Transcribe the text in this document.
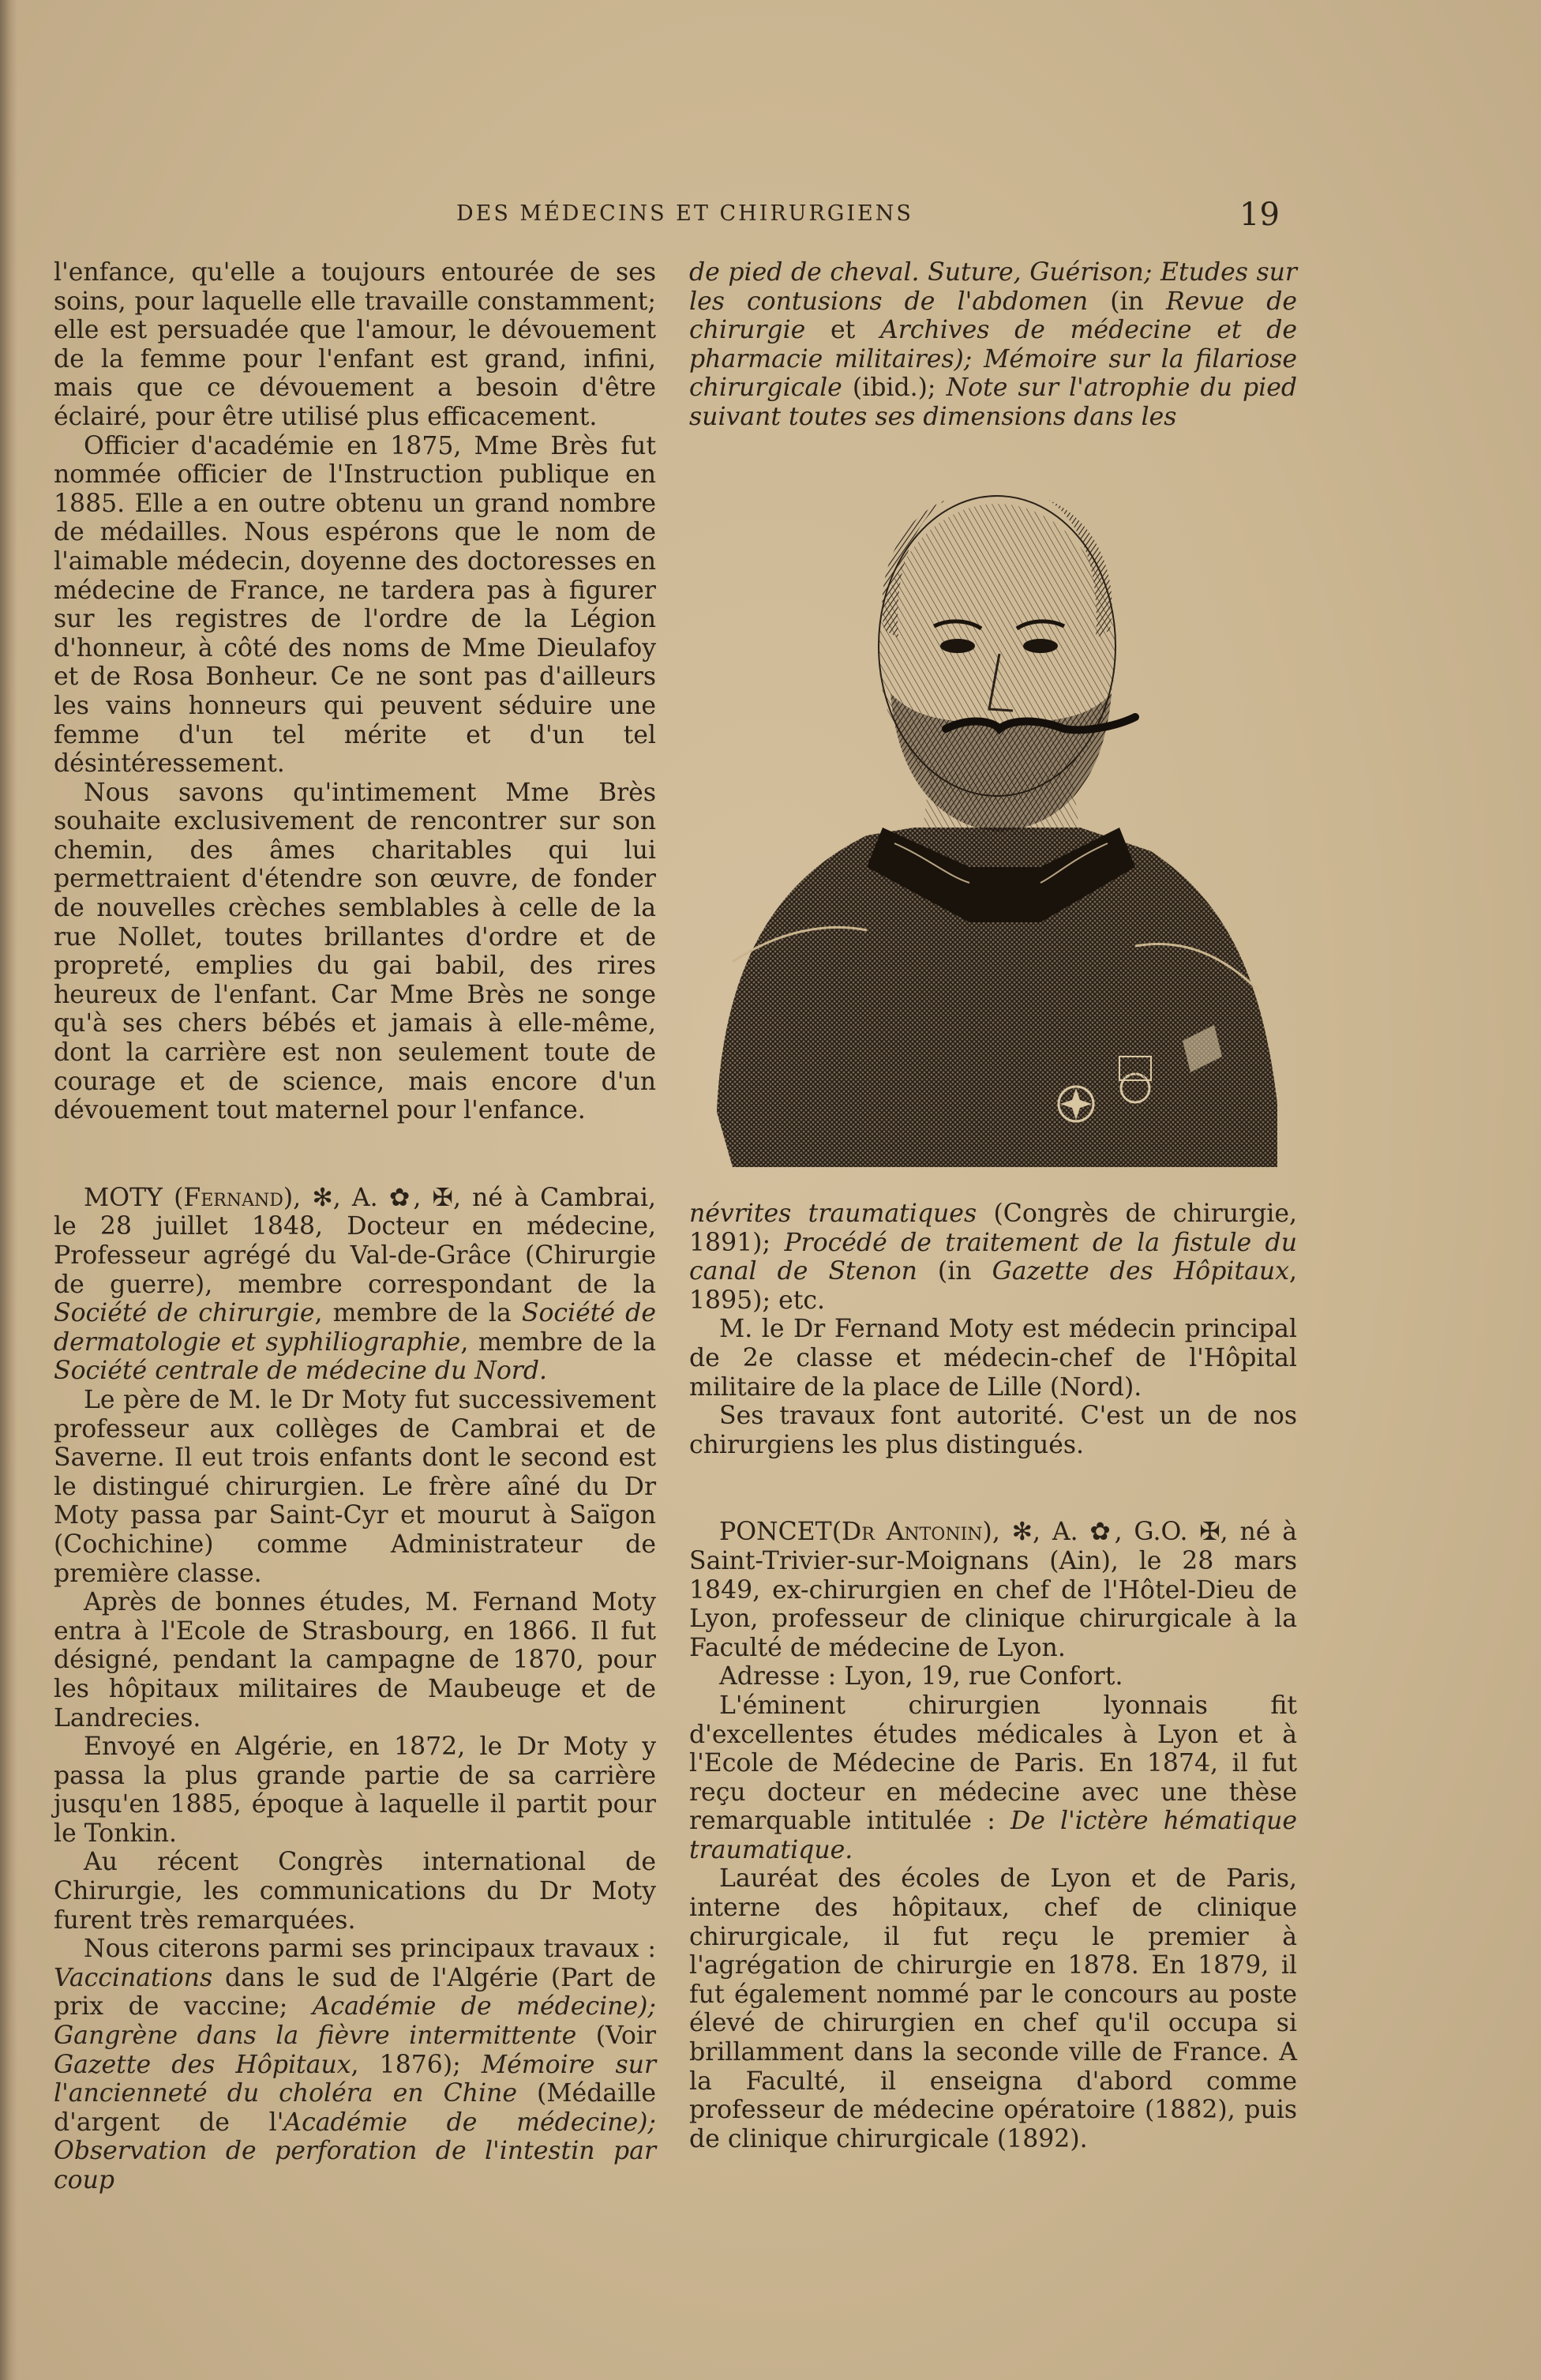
DES MÉDECINS ET CHIRURGIENS	19

l'enfance, qu'elle a toujours entourée de ses soins, pour laquelle elle travaille constamment; elle est persuadée que l'amour, le dévouement de la femme pour l'enfant est grand, infini, mais que ce dévouement a besoin d'être éclairé, pour être utilisé plus efficacement.

Officier d'académie en 1875, Mme Brès fut nommée officier de l'Instruction publique en 1885. Elle a en outre obtenu un grand nombre de médailles. Nous espérons que le nom de l'aimable médecin, doyenne des doctoresses en médecine de France, ne tardera pas à figurer sur les registres de l'ordre de la Légion d'honneur, à côté des noms de Mme Dieulafoy et de Rosa Bonheur. Ce ne sont pas d'ailleurs les vains honneurs qui peuvent séduire une femme d'un tel mérite et d'un tel désintéressement.

Nous savons qu'intimement Mme Brès souhaite exclusivement de rencontrer sur son chemin, des âmes charitables qui lui permettraient d'étendre son œuvre, de fonder de nouvelles crèches semblables à celle de la rue Nollet, toutes brillantes d'ordre et de propreté, emplies du gai babil, des rires heureux de l'enfant. Car Mme Brès ne songe qu'à ses chers bébés et jamais à elle-même, dont la carrière est non seulement toute de courage et de science, mais encore d'un dévouement tout maternel pour l'enfance.

MOTY (Fernand), ✻, A. ✿, ✠, né à Cambrai, le 28 juillet 1848, Docteur en médecine, Professeur agrégé du Val-de-Grâce (Chirurgie de guerre), membre correspondant de la Société de chirurgie, membre de la Société de dermatologie et syphiliographie, membre de la Société centrale de médecine du Nord.

Le père de M. le Dr Moty fut successivement professeur aux collèges de Cambrai et de Saverne. Il eut trois enfants dont le second est le distingué chirurgien. Le frère aîné du Dr Moty passa par Saint-Cyr et mourut à Saïgon (Cochichine) comme Administrateur de première classe.

Après de bonnes études, M. Fernand Moty entra à l'Ecole de Strasbourg, en 1866. Il fut désigné, pendant la campagne de 1870, pour les hôpitaux militaires de Maubeuge et de Landrecies.

Envoyé en Algérie, en 1872, le Dr Moty y passa la plus grande partie de sa carrière jusqu'en 1885, époque à laquelle il partit pour le Tonkin.

Au récent Congrès international de Chirurgie, les communications du Dr Moty furent très remarquées.

Nous citerons parmi ses principaux travaux : Vaccinations dans le sud de l'Algérie (Part de prix de vaccine; Académie de médecine); Gangrène dans la fièvre intermittente (Voir Gazette des Hôpitaux, 1876); Mémoire sur l'ancienneté du choléra en Chine (Médaille d'argent de l'Académie de médecine); Observation de perforation de l'intestin par coup

de pied de cheval. Suture, Guérison; Etudes sur les contusions de l'abdomen (in Revue de chirurgie et Archives de médecine et de pharmacie militaires); Mémoire sur la filariose chirurgicale (ibid.); Note sur l'atrophie du pied suivant toutes ses dimensions dans les

névrites traumatiques (Congrès de chirurgie, 1891); Procédé de traitement de la fistule du canal de Stenon (in Gazette des Hôpitaux, 1895); etc.

M. le Dr Fernand Moty est médecin principal de 2e classe et médecin-chef de l'Hôpital militaire de la place de Lille (Nord).

Ses travaux font autorité. C'est un de nos chirurgiens les plus distingués.

PONCET(Dr Antonin), ✻, A. ✿, G.O. ✠, né à Saint-Trivier-sur-Moignans (Ain), le 28 mars 1849, ex-chirurgien en chef de l'Hôtel-Dieu de Lyon, professeur de clinique chirurgicale à la Faculté de médecine de Lyon.

Adresse : Lyon, 19, rue Confort.

L'éminent chirurgien lyonnais fit d'excellentes études médicales à Lyon et à l'Ecole de Médecine de Paris. En 1874, il fut reçu docteur en médecine avec une thèse remarquable intitulée : De l'ictère hématique traumatique.

Lauréat des écoles de Lyon et de Paris, interne des hôpitaux, chef de clinique chirurgicale, il fut reçu le premier à l'agrégation de chirurgie en 1878. En 1879, il fut également nommé par le concours au poste élevé de chirurgien en chef qu'il occupa si brillamment dans la seconde ville de France. A la Faculté, il enseigna d'abord comme professeur de médecine opératoire (1882), puis de clinique chirurgicale (1892).
